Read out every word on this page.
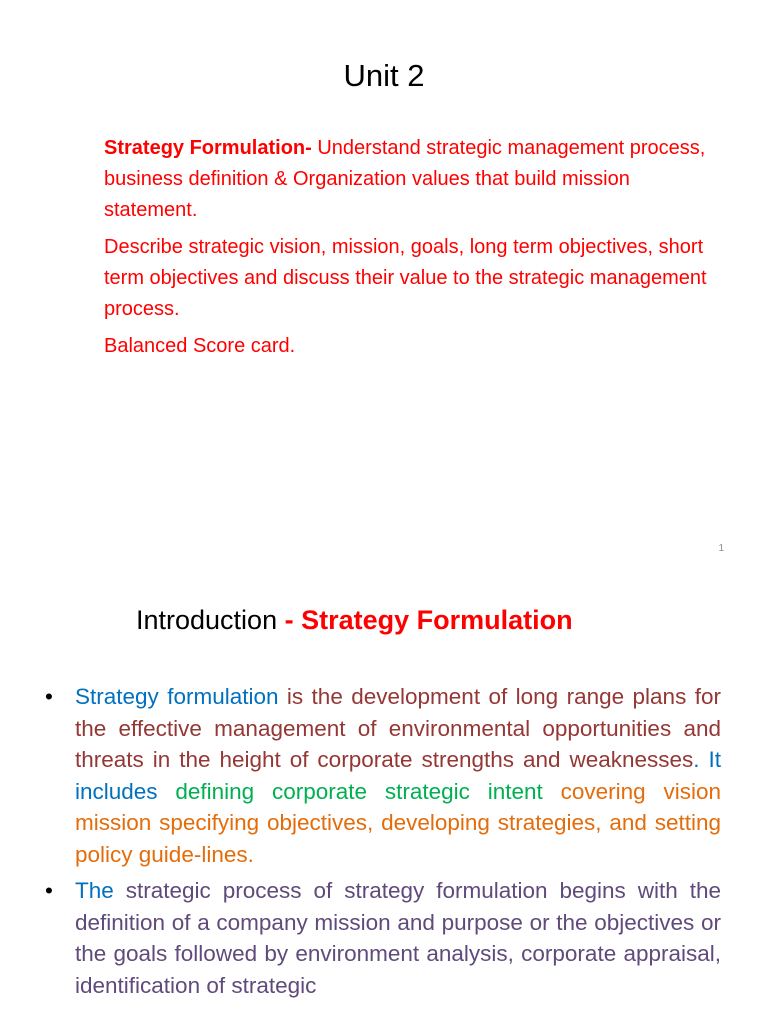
Unit 2

Strategy Formulation- Understand strategic management process, business definition & Organization values that build mission statement.

Describe strategic vision, mission, goals, long term objectives, short term objectives and discuss their value to the strategic management process.

Balanced Score card.

1
Introduction - Strategy Formulation
• Strategy formulation is the development of long range plans for the effective management of environmental opportunities and threats in the height of corporate strengths and weaknesses. It includes defining corporate strategic intent covering vision mission specifying objectives, developing strategies, and setting policy guide-lines.
• The strategic process of strategy formulation begins with the definition of a company mission and purpose or the objectives or the goals followed by environment analysis, corporate appraisal, identification of strategic
